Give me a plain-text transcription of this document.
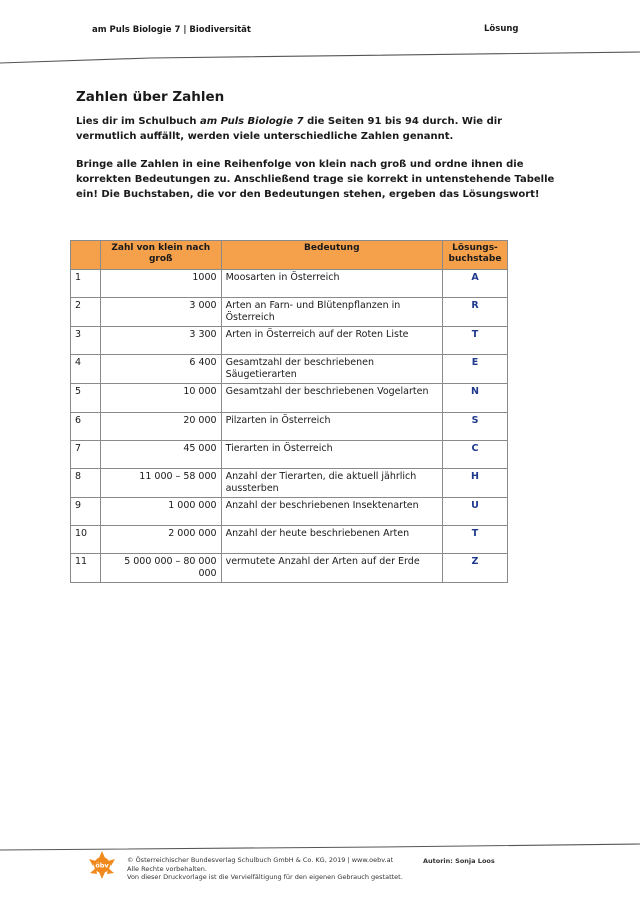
am Puls Biologie 7 | Biodiversität	Lösung
Zahlen über Zahlen
Lies dir im Schulbuch am Puls Biologie 7 die Seiten 91 bis 94 durch. Wie dir vermutlich auffällt, werden viele unterschiedliche Zahlen genannt.
Bringe alle Zahlen in eine Reihenfolge von klein nach groß und ordne ihnen die korrekten Bedeutungen zu. Anschließend trage sie korrekt in untenstehende Tabelle ein! Die Buchstaben, die vor den Bedeutungen stehen, ergeben das Lösungswort!
	Zahl von klein nach groß	Bedeutung	Lösungs-buchstabe
1	1000	Moosarten in Österreich	A
2	3 000	Arten an Farn- und Blütenpflanzen in Österreich	R
3	3 300	Arten in Österreich auf der Roten Liste	T
4	6 400	Gesamtzahl der beschriebenen Säugetierarten	E
5	10 000	Gesamtzahl der beschriebenen Vogelarten	N
6	20 000	Pilzarten in Österreich	S
7	45 000	Tierarten in Österreich	C
8	11 000 – 58 000	Anzahl der Tierarten, die aktuell jährlich aussterben	H
9	1 000 000	Anzahl der beschriebenen Insektenarten	U
10	2 000 000	Anzahl der heute beschriebenen Arten	T
11	5 000 000 – 80 000 000	vermutete Anzahl der Arten auf der Erde	Z
öbv
© Österreichischer Bundesverlag Schulbuch GmbH & Co. KG, 2019 | www.oebv.at
Alle Rechte vorbehalten.
Von dieser Druckvorlage ist die Vervielfältigung für den eigenen Gebrauch gestattet.
Autorin: Sonja Loos
